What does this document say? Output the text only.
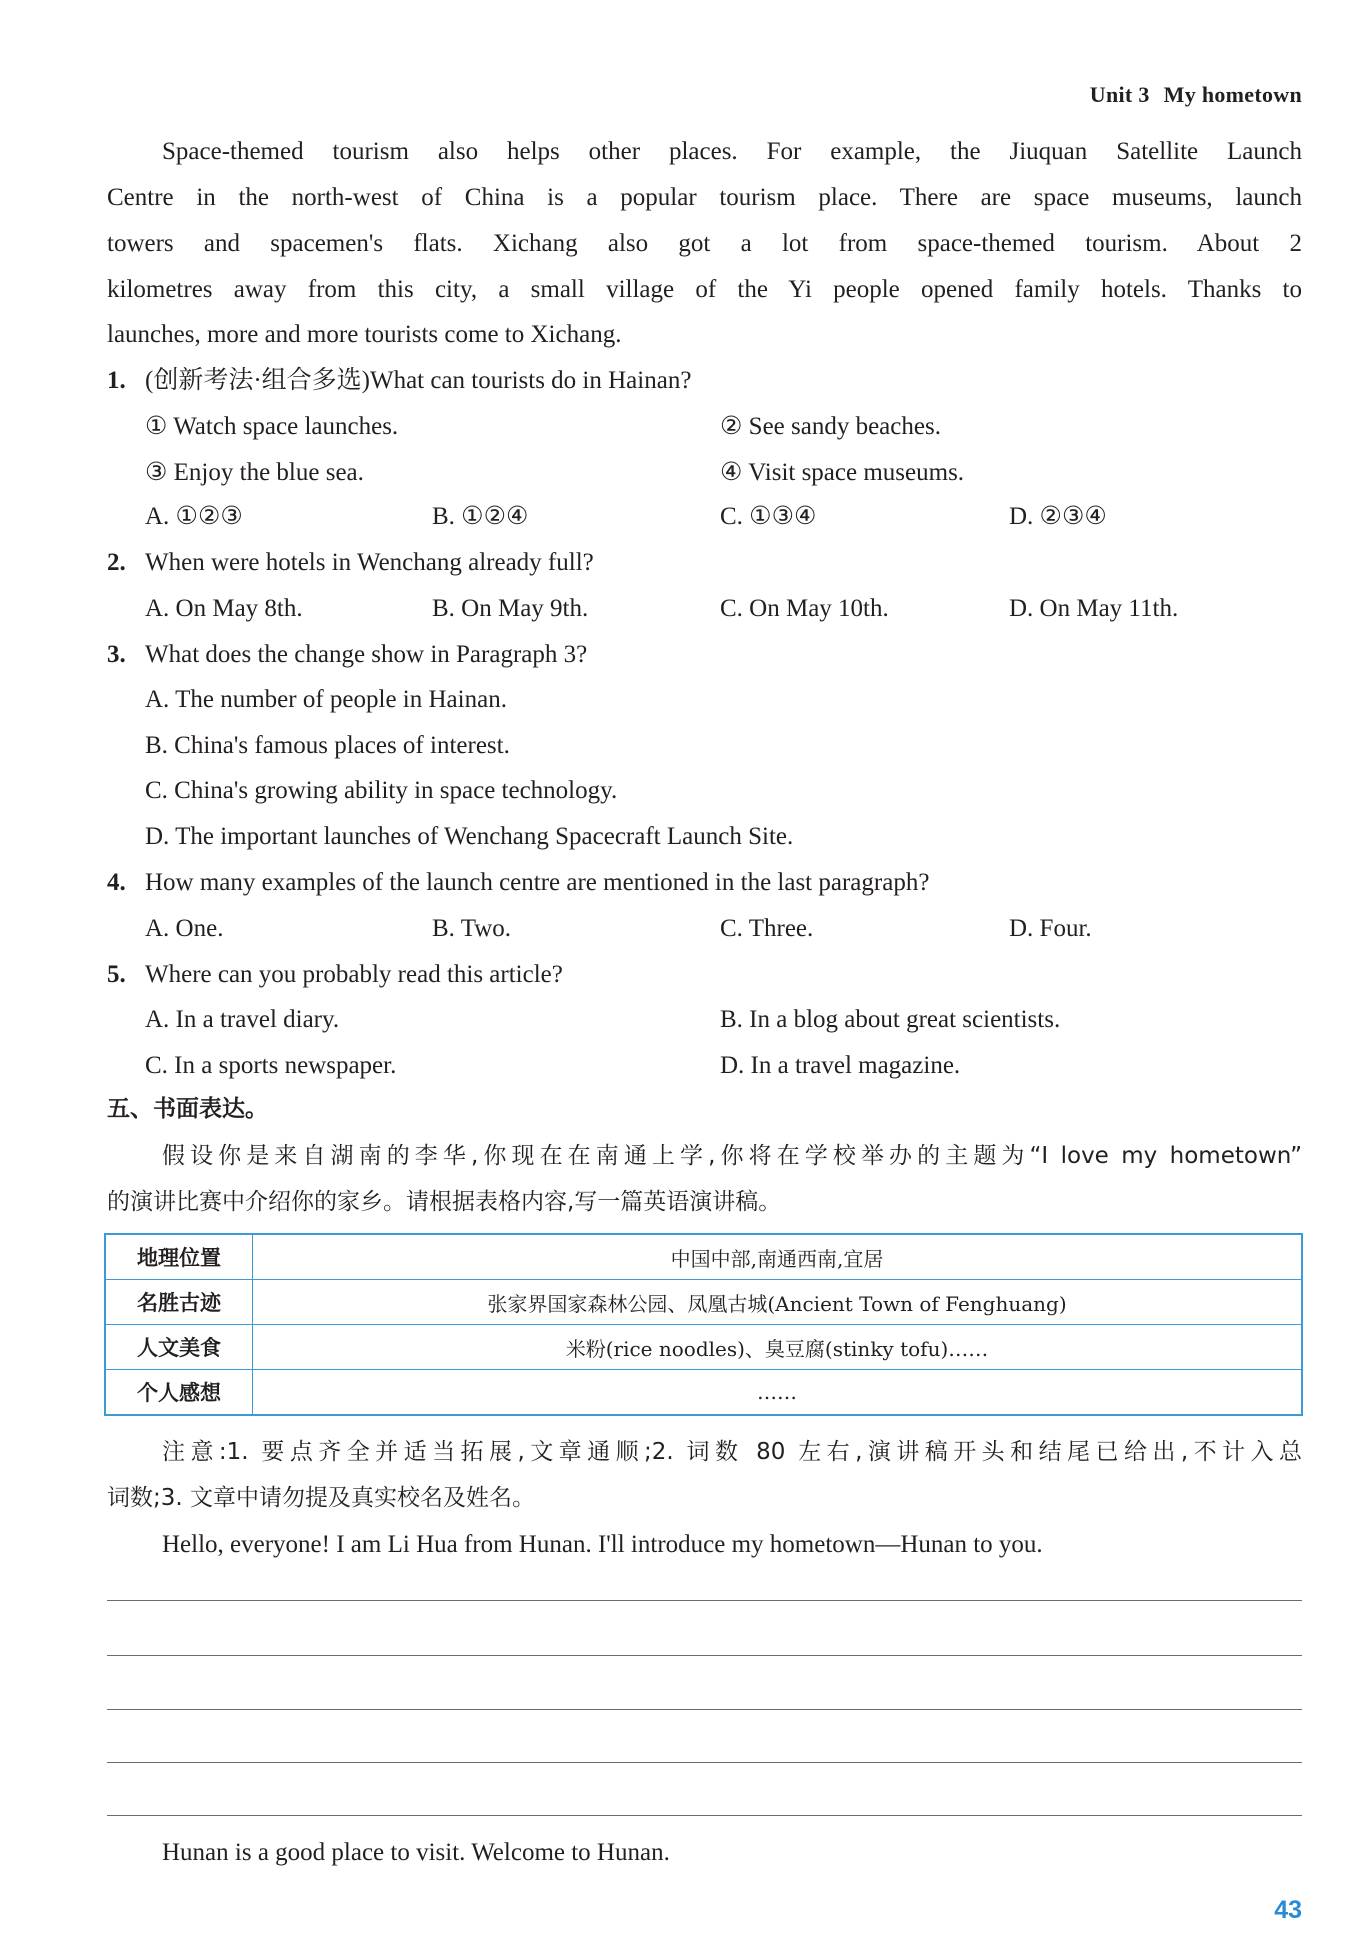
Unit 3 My hometown
Space-themed tourism also helps other places. For example, the Jiuquan Satellite Launch
Centre in the north-west of China is a popular tourism place. There are space museums, launch
towers and spacemen's flats. Xichang also got a lot from space-themed tourism. About 2
kilometres away from this city, a small village of the Yi people opened family hotels. Thanks to
launches, more and more tourists come to Xichang.
1. (创新考法·组合多选)What can tourists do in Hainan?
① Watch space launches.	② See sandy beaches.
③ Enjoy the blue sea.	④ Visit space museums.
A. ①②③	B. ①②④	C. ①③④	D. ②③④
2. When were hotels in Wenchang already full?
A. On May 8th.	B. On May 9th.	C. On May 10th.	D. On May 11th.
3. What does the change show in Paragraph 3?
A. The number of people in Hainan.
B. China's famous places of interest.
C. China's growing ability in space technology.
D. The important launches of Wenchang Spacecraft Launch Site.
4. How many examples of the launch centre are mentioned in the last paragraph?
A. One.	B. Two.	C. Three.	D. Four.
5. Where can you probably read this article?
A. In a travel diary.	B. In a blog about great scientists.
C. In a sports newspaper.	D. In a travel magazine.
五、书面表达。
假设你是来自湖南的李华,你现在在南通上学,你将在学校举办的主题为“I love my hometown”
的演讲比赛中介绍你的家乡。请根据表格内容,写一篇英语演讲稿。
地理位置	中国中部,南通西南,宜居
名胜古迹	张家界国家森林公园、凤凰古城(Ancient Town of Fenghuang)
人文美食	米粉(rice noodles)、臭豆腐(stinky tofu)……
个人感想	……
注意:1. 要点齐全并适当拓展,文章通顺;2. 词数 80 左右,演讲稿开头和结尾已给出,不计入总
词数;3. 文章中请勿提及真实校名及姓名。
Hello, everyone! I am Li Hua from Hunan. I'll introduce my hometown—Hunan to you.
Hunan is a good place to visit. Welcome to Hunan.
43
